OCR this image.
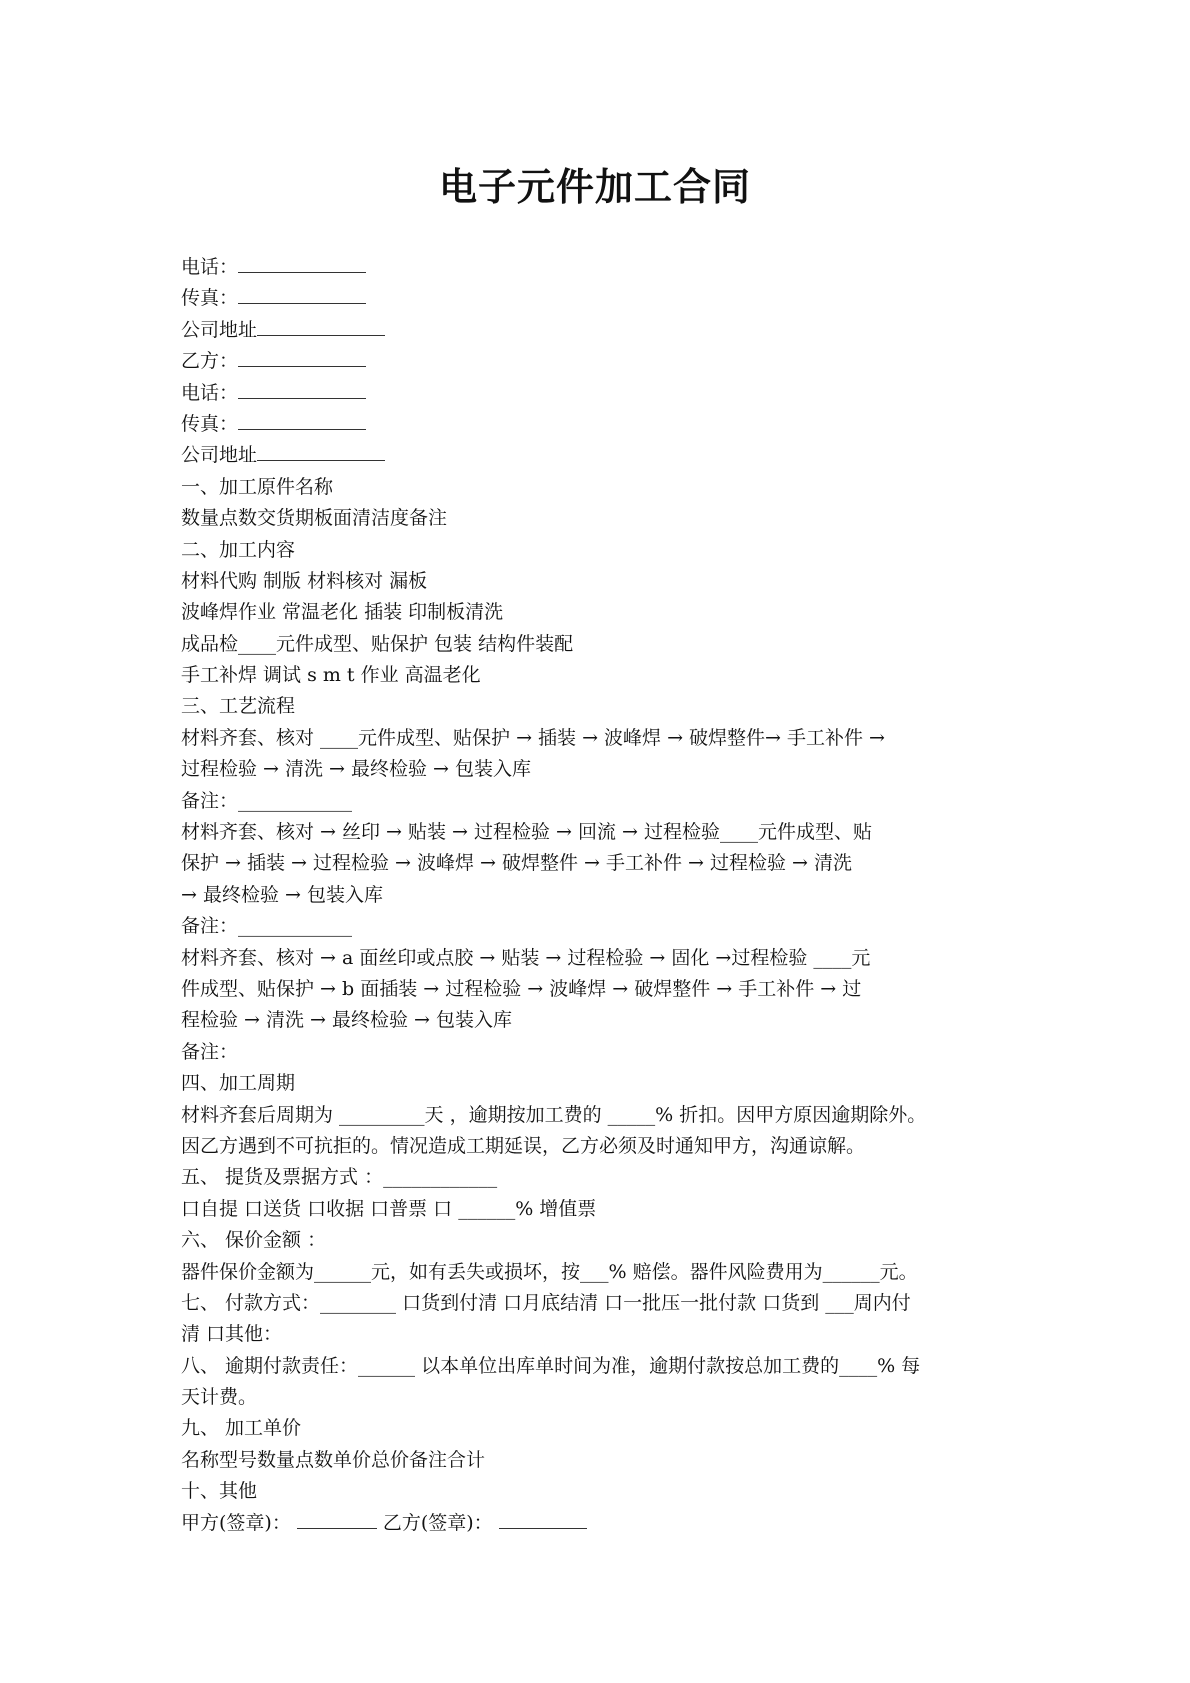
电子元件加工合同
电话：
传真：
公司地址
乙方：
电话：
传真：
公司地址
一、加工原件名称
数量点数交货期板面清洁度备注
二、加工内容
材料代购 制版 材料核对 漏板
波峰焊作业 常温老化 插装 印制板清洗
成品检____元件成型、贴保护 包装 结构件装配
手工补焊 调试 s m t 作业 高温老化
三、工艺流程
材料齐套、核对 ____元件成型、贴保护 → 插装 → 波峰焊 → 破焊整件→ 手工补件 →
过程检验 → 清洗 → 最终检验 → 包装入库
备注：____________
材料齐套、核对 → 丝印 → 贴装 → 过程检验 → 回流 → 过程检验____元件成型、贴
保护 → 插装 → 过程检验 → 波峰焊 → 破焊整件 → 手工补件 → 过程检验 → 清洗
→ 最终检验 → 包装入库
备注：____________
材料齐套、核对 → a 面丝印或点胶 → 贴装 → 过程检验 → 固化 →过程检验 ____元
件成型、贴保护 → b 面插装 → 过程检验 → 波峰焊 → 破焊整件 → 手工补件 → 过
程检验 → 清洗 → 最终检验 → 包装入库
备注：
四、加工周期
材料齐套后周期为 _________天 ，逾期按加工费的 _____% 折扣。因甲方原因逾期除外。
因乙方遇到不可抗拒的。情况造成工期延误，乙方必须及时通知甲方，沟通谅解。
五、 提货及票据方式 ：____________
口自提 口送货 口收据 口普票 口 ______% 增值票
六、 保价金额 ：
器件保价金额为______元，如有丢失或损坏，按___% 赔偿。器件风险费用为______元。
七、 付款方式：________ 口货到付清 口月底结清 口一批压一批付款 口货到 ___周内付
清 口其他：
八、 逾期付款责任：______ 以本单位出库单时间为准，逾期付款按总加工费的____% 每
天计费。
九、 加工单价
名称型号数量点数单价总价备注合计
十、其他
甲方(签章)：	乙方(签章)：
